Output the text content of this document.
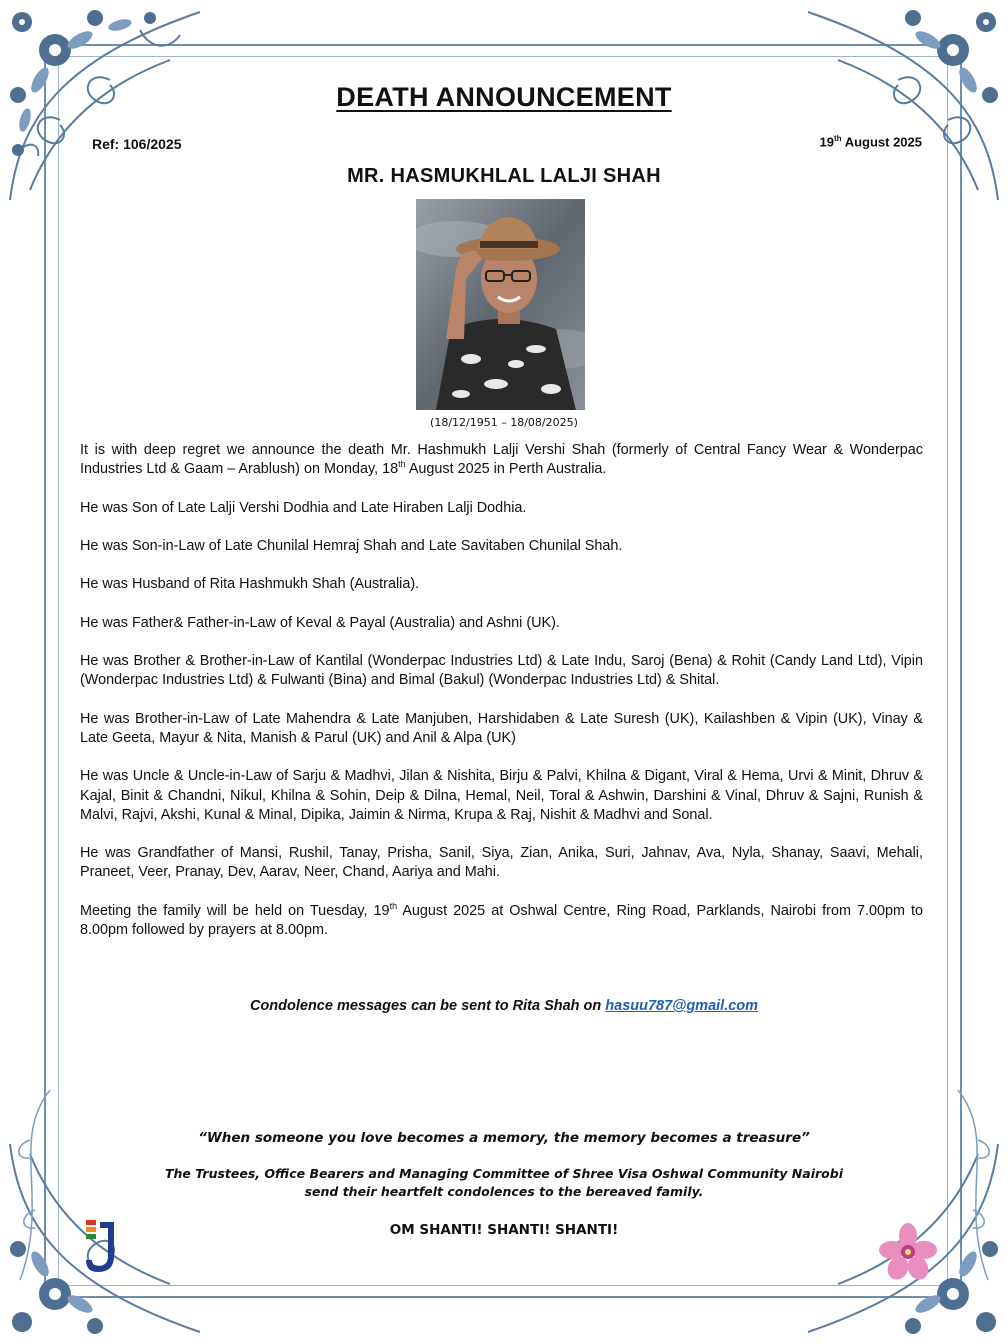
DEATH ANNOUNCEMENT
Ref: 106/2025	19th August 2025
MR. HASMUKHLAL LALJI SHAH
(18/12/1951 – 18/08/2025)

It is with deep regret we announce the death Mr. Hashmukh Lalji Vershi Shah (formerly of Central Fancy Wear & Wonderpac Industries Ltd & Gaam – Arablush) on Monday, 18th August 2025 in Perth Australia.

He was Son of Late Lalji Vershi Dodhia and Late Hiraben Lalji Dodhia.

He was Son-in-Law of Late Chunilal Hemraj Shah and Late Savitaben Chunilal Shah.

He was Husband of Rita Hashmukh Shah (Australia).

He was Father& Father-in-Law of Keval & Payal (Australia) and Ashni (UK).

He was Brother & Brother-in-Law of Kantilal (Wonderpac Industries Ltd) & Late Indu, Saroj (Bena) & Rohit (Candy Land Ltd), Vipin (Wonderpac Industries Ltd) & Fulwanti (Bina) and Bimal (Bakul) (Wonderpac Industries Ltd) & Shital.

He was Brother-in-Law of Late Mahendra & Late Manjuben, Harshidaben & Late Suresh (UK), Kailashben & Vipin (UK), Vinay & Late Geeta, Mayur & Nita, Manish & Parul (UK) and Anil & Alpa (UK)

He was Uncle & Uncle-in-Law of Sarju & Madhvi, Jilan & Nishita, Birju & Palvi, Khilna & Digant, Viral & Hema, Urvi & Minit, Dhruv & Kajal, Binit & Chandni, Nikul, Khilna & Sohin, Deip & Dilna, Hemal, Neil, Toral & Ashwin, Darshini & Vinal, Dhruv & Sajni, Runish & Malvi, Rajvi, Akshi, Kunal & Minal, Dipika, Jaimin & Nirma, Krupa & Raj, Nishit & Madhvi and Sonal.

He was Grandfather of Mansi, Rushil, Tanay, Prisha, Sanil, Siya, Zian, Anika, Suri, Jahnav, Ava, Nyla, Shanay, Saavi, Mehali, Praneet, Veer, Pranay, Dev, Aarav, Neer, Chand, Aariya and Mahi.

Meeting the family will be held on Tuesday, 19th August 2025 at Oshwal Centre, Ring Road, Parklands, Nairobi from 7.00pm to 8.00pm followed by prayers at 8.00pm.

Condolence messages can be sent to Rita Shah on hasuu787@gmail.com
“When someone you love becomes a memory, the memory becomes a treasure”
The Trustees, Office Bearers and Managing Committee of Shree Visa Oshwal Community Nairobi
send their heartfelt condolences to the bereaved family.
OM SHANTI! SHANTI! SHANTI!
